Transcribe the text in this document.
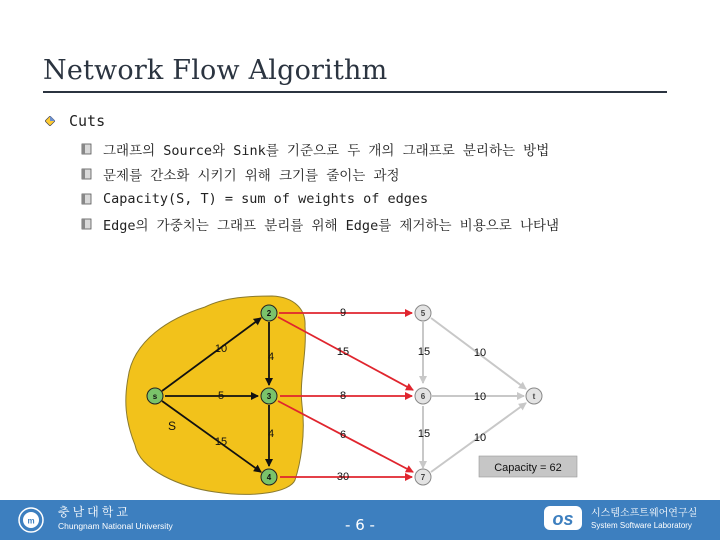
Network Flow Algorithm
Cuts
그래프의 Source와 Sink를 기준으로 두 개의 그래프로 분리하는 방법
문제를 간소화 시키기 위해 크기를 줄이는 과정
Capacity(S, T) = sum of weights of edges
Edge의 가중치는 그래프 분리를 위해 Edge를 제거하는 비용으로 나타냄
10
5
15
4
4
9
15
8
6
30
15
15
10
10
10
S
s
2
3
4
5
6
7
t
Capacity = 62
m
충남대학교
Chungnam National University	- 6 -	os 시스템소프트웨어연구실
System Software Laboratory
